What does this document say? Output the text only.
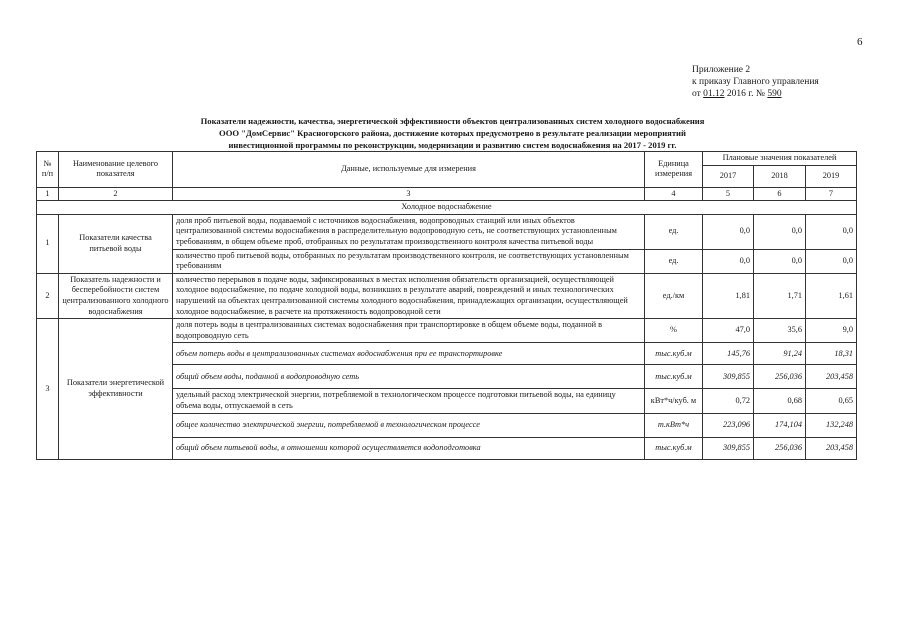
6
Приложение 2
к приказу Главного управления
от 01.12 2016 г. № 590
Показатели надежности, качества, энергетической эффективности объектов централизованных систем холодного водоснабжения
ООО "ДомСервис" Красногорского района, достижение которых предусмотрено в результате реализации мероприятий
инвестиционной программы по реконструкции, модернизации и развитию систем водоснабжения на 2017 - 2019 гг.
№ п/п	Наименование целевого показателя	Данные, используемые для измерения	Единица измерения	Плановые значения показателей		
				2017	2018	2019
1	2	3	4	5	6	7
Холодное водоснабжение						
1	Показатели качества питьевой воды	доля проб питьевой воды, подаваемой с источников водоснабжения, водопроводных станций или иных объектов централизованной системы водоснабжения в распределительную водопроводную сеть, не соответствующих установленным требованиям, в общем объеме проб, отобранных по результатам производственного контроля качества питьевой воды	ед.	0,0	0,0	0,0
		количество проб питьевой воды, отобранных по результатам производственного контроля, не соответствующих установленным требованиям	ед.	0,0	0,0	0,0
2	Показатель надежности и бесперебойности систем централизованного холодного водоснабжения	количество перерывов в подаче воды, зафиксированных в местах исполнения обязательств организацией, осуществляющей холодное водоснабжение, по подаче холодной воды, возникших в результате аварий, повреждений и иных технологических нарушений на объектах централизованной системы холодного водоснабжения, принадлежащих организации, осуществляющей холодное водоснабжение, в расчете на протяженность водопроводной сети	ед./км	1,81	1,71	1,61
3	Показатели энергетической эффективности	доля потерь воды в централизованных системах водоснабжения при транспортировке в общем объеме воды, поданной в водопроводную сеть	%	47,0	35,6	9,0
		объем потерь воды в централизованных системах водоснабжения при ее транспортировке	тыс.куб.м	145,76	91,24	18,31
		общий объем воды, поданной в водопроводную сеть	тыс.куб.м	309,855	256,036	203,458
		удельный расход электрической энергии, потребляемой в технологическом процессе подготовки питьевой воды, на единицу объема воды, отпускаемой в сеть	кВт*ч/куб. м	0,72	0,68	0,65
		общее количество электрической энергии, потребляемой в технологическом процессе	т.кВт*ч	223,096	174,104	132,248
		общий объем питьевой воды, в отношении которой осуществляется водоподготовка	тыс.куб.м	309,855	256,036	203,458
